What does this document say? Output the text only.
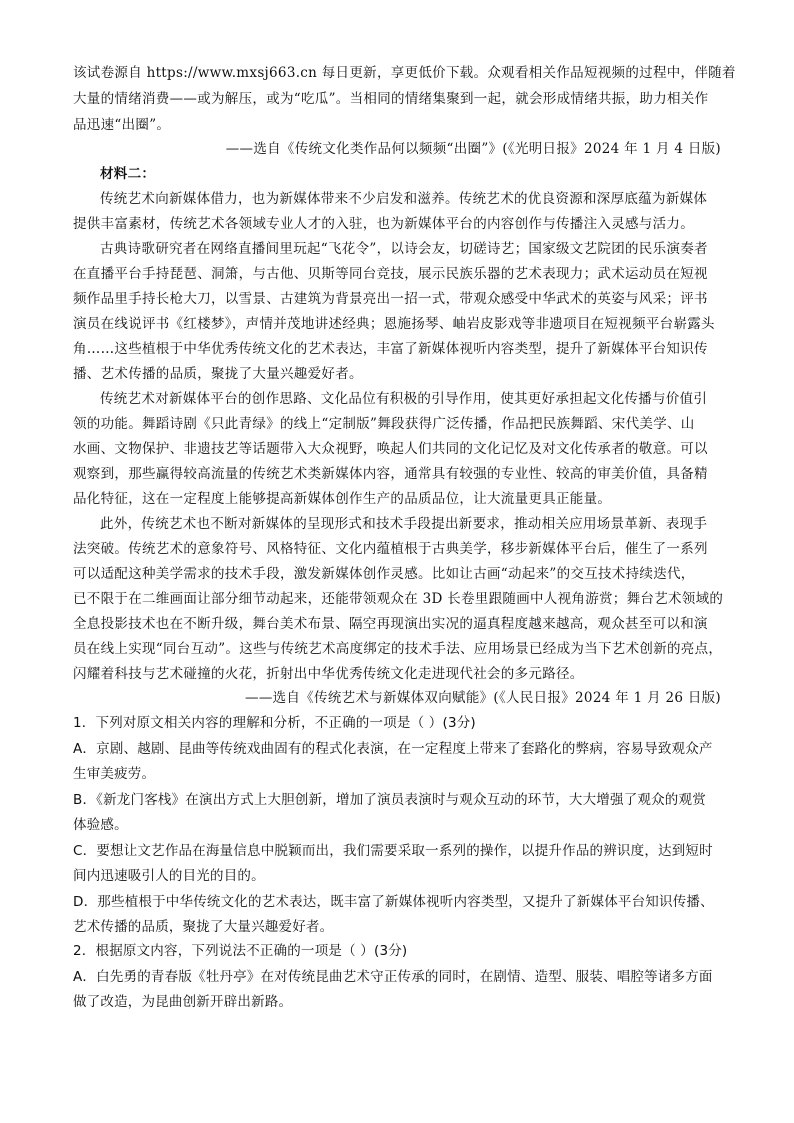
该试卷源自 https://www.mxsj663.cn 每日更新，享更低价下载。众观看相关作品短视频的过程中，伴随着
大量的情绪消费——或为解压，或为“吃瓜”。当相同的情绪集聚到一起，就会形成情绪共振，助力相关作
品迅速“出圈”。
——选自《传统文化类作品何以频频“出圈”》(《光明日报》2024 年 1 月 4 日版)
材料二：
传统艺术向新媒体借力，也为新媒体带来不少启发和滋养。传统艺术的优良资源和深厚底蕴为新媒体
提供丰富素材，传统艺术各领域专业人才的入驻，也为新媒体平台的内容创作与传播注入灵感与活力。
古典诗歌研究者在网络直播间里玩起“飞花令”，以诗会友，切磋诗艺；国家级文艺院团的民乐演奏者
在直播平台手持琵琶、洞箫，与古他、贝斯等同台竞技，展示民族乐器的艺术表现力；武术运动员在短视
频作品里手持长枪大刀，以雪景、古建筑为背景亮出一招一式，带观众感受中华武术的英姿与风采；评书
演员在线说评书《红楼梦》，声情并茂地讲述经典；恩施扬琴、岫岩皮影戏等非遗项目在短视频平台崭露头
角……这些植根于中华优秀传统文化的艺术表达，丰富了新媒体视听内容类型，提升了新媒体平台知识传
播、艺术传播的品质，聚拢了大量兴趣爱好者。
传统艺术对新媒体平台的创作思路、文化品位有积极的引导作用，使其更好承担起文化传播与价值引
领的功能。舞蹈诗剧《只此青绿》的线上“定制版”舞段获得广泛传播，作品把民族舞蹈、宋代美学、山
水画、文物保护、非遗技艺等话题带入大众视野，唤起人们共同的文化记忆及对文化传承者的敬意。可以
观察到，那些赢得较高流量的传统艺术类新媒体内容，通常具有较强的专业性、较高的审美价值，具备精
品化特征，这在一定程度上能够提高新媒体创作生产的品质品位，让大流量更具正能量。
此外，传统艺术也不断对新媒体的呈现形式和技术手段提出新要求，推动相关应用场景革新、表现手
法突破。传统艺术的意象符号、风格特征、文化内蕴植根于古典美学，移步新媒体平台后，催生了一系列
可以适配这种美学需求的技术手段，激发新媒体创作灵感。比如让古画“动起来”的交互技术持续迭代，
已不限于在二维画面让部分细节动起来，还能带领观众在 3D 长卷里跟随画中人视角游赏；舞台艺术领域的
全息投影技术也在不断升级，舞台美术布景、隔空再现演出实况的逼真程度越来越高，观众甚至可以和演
员在线上实现“同台互动”。这些与传统艺术高度绑定的技术手法、应用场景已经成为当下艺术创新的亮点，
闪耀着科技与艺术碰撞的火花，折射出中华优秀传统文化走进现代社会的多元路径。
——选自《传统艺术与新媒体双向赋能》(《人民日报》2024 年 1 月 26 日版)
1．下列对原文相关内容的理解和分析，不正确的一项是（ ）(3分)
A．京剧、越剧、昆曲等传统戏曲固有的程式化表演，在一定程度上带来了套路化的弊病，容易导致观众产
生审美疲劳。
B．《新龙门客栈》在演出方式上大胆创新，增加了演员表演时与观众互动的环节，大大增强了观众的观赏
体验感。
C．要想让文艺作品在海量信息中脱颖而出，我们需要采取一系列的操作，以提升作品的辨识度，达到短时
间内迅速吸引人的目光的目的。
D．那些植根于中华传统文化的艺术表达，既丰富了新媒体视听内容类型，又提升了新媒体平台知识传播、
艺术传播的品质，聚拢了大量兴趣爱好者。
2．根据原文内容，下列说法不正确的一项是（ ）(3分)
A．白先勇的青春版《牡丹亭》在对传统昆曲艺术守正传承的同时，在剧情、造型、服装、唱腔等诸多方面
做了改造，为昆曲创新开辟出新路。
